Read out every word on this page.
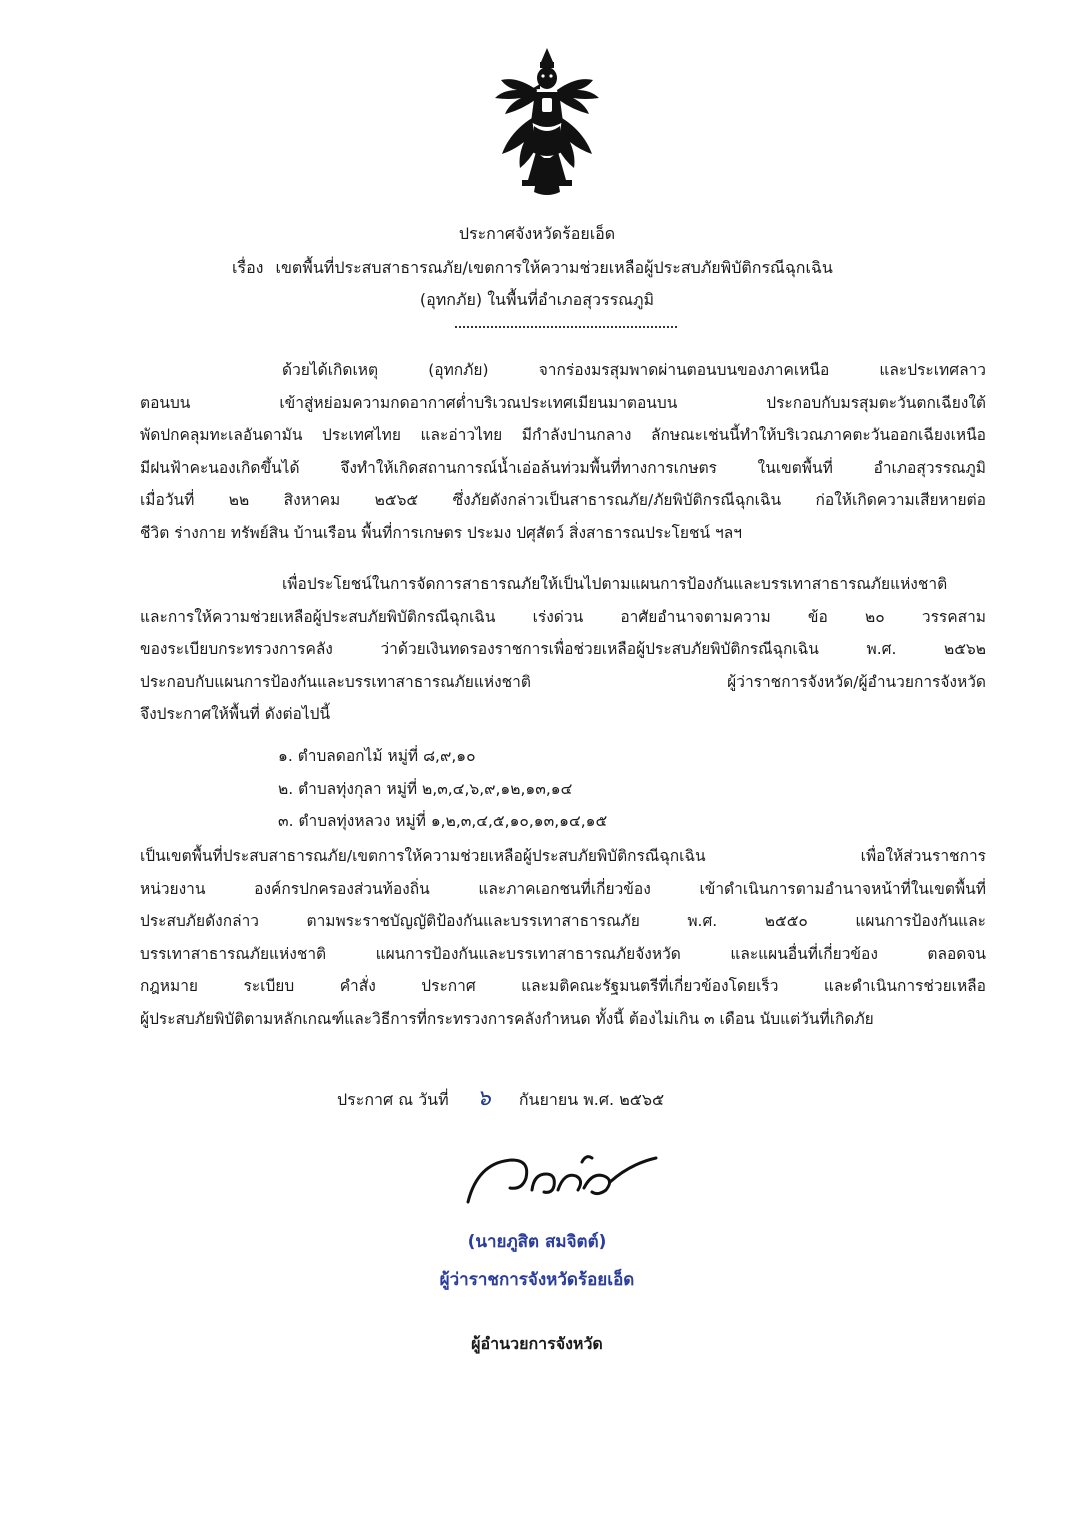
ประกาศจังหวัดร้อยเอ็ด
เรื่อง เขตพื้นที่ประสบสาธารณภัย/เขตการให้ความช่วยเหลือผู้ประสบภัยพิบัติกรณีฉุกเฉิน
(อุทกภัย) ในพื้นที่อำเภอสุวรรณภูมิ
ด้วยได้เกิดเหตุ (อุทกภัย) จากร่องมรสุมพาดผ่านตอนบนของภาคเหนือ และประเทศลาว
ตอนบน เข้าสู่หย่อมความกดอากาศต่ำบริเวณประเทศเมียนมาตอนบน ประกอบกับมรสุมตะวันตกเฉียงใต้
พัดปกคลุมทะเลอันดามัน ประเทศไทย และอ่าวไทย มีกำลังปานกลาง ลักษณะเช่นนี้ทำให้บริเวณภาคตะวันออกเฉียงเหนือ
มีฝนฟ้าคะนองเกิดขึ้นได้ จึงทำให้เกิดสถานการณ์น้ำเอ่อล้นท่วมพื้นที่ทางการเกษตร ในเขตพื้นที่ อำเภอสุวรรณภูมิ
เมื่อวันที่ ๒๒ สิงหาคม ๒๕๖๕ ซึ่งภัยดังกล่าวเป็นสาธารณภัย/ภัยพิบัติกรณีฉุกเฉิน ก่อให้เกิดความเสียหายต่อ
ชีวิต ร่างกาย ทรัพย์สิน บ้านเรือน พื้นที่การเกษตร ประมง ปศุสัตว์ สิ่งสาธารณประโยชน์ ฯลฯ
เพื่อประโยชน์ในการจัดการสาธารณภัยให้เป็นไปตามแผนการป้องกันและบรรเทาสาธารณภัยแห่งชาติ
และการให้ความช่วยเหลือผู้ประสบภัยพิบัติกรณีฉุกเฉิน เร่งด่วน อาศัยอำนาจตามความ ข้อ ๒๐ วรรคสาม
ของระเบียบกระทรวงการคลัง ว่าด้วยเงินทดรองราชการเพื่อช่วยเหลือผู้ประสบภัยพิบัติกรณีฉุกเฉิน พ.ศ. ๒๕๖๒
ประกอบกับแผนการป้องกันและบรรเทาสาธารณภัยแห่งชาติ ผู้ว่าราชการจังหวัด/ผู้อำนวยการจังหวัด
จึงประกาศให้พื้นที่ ดังต่อไปนี้
๑. ตำบลดอกไม้ หมู่ที่ ๘,๙,๑๐
๒. ตำบลทุ่งกุลา หมู่ที่ ๒,๓,๔,๖,๙,๑๒,๑๓,๑๔
๓. ตำบลทุ่งหลวง หมู่ที่ ๑,๒,๓,๔,๕,๑๐,๑๓,๑๔,๑๕
เป็นเขตพื้นที่ประสบสาธารณภัย/เขตการให้ความช่วยเหลือผู้ประสบภัยพิบัติกรณีฉุกเฉิน เพื่อให้ส่วนราชการ
หน่วยงาน องค์กรปกครองส่วนท้องถิ่น และภาคเอกชนที่เกี่ยวข้อง เข้าดำเนินการตามอำนาจหน้าที่ในเขตพื้นที่
ประสบภัยดังกล่าว ตามพระราชบัญญัติป้องกันและบรรเทาสาธารณภัย พ.ศ. ๒๕๕๐ แผนการป้องกันและ
บรรเทาสาธารณภัยแห่งชาติ แผนการป้องกันและบรรเทาสาธารณภัยจังหวัด และแผนอื่นที่เกี่ยวข้อง ตลอดจน
กฎหมาย ระเบียบ คำสั่ง ประกาศ และมติคณะรัฐมนตรีที่เกี่ยวข้องโดยเร็ว และดำเนินการช่วยเหลือ
ผู้ประสบภัยพิบัติตามหลักเกณฑ์และวิธีการที่กระทรวงการคลังกำหนด ทั้งนี้ ต้องไม่เกิน ๓ เดือน นับแต่วันที่เกิดภัย
ประกาศ ณ วันที่ ๖ กันยายน พ.ศ. ๒๕๖๕
(นายภูสิต สมจิตต์)
ผู้ว่าราชการจังหวัดร้อยเอ็ด
ผู้อำนวยการจังหวัด
